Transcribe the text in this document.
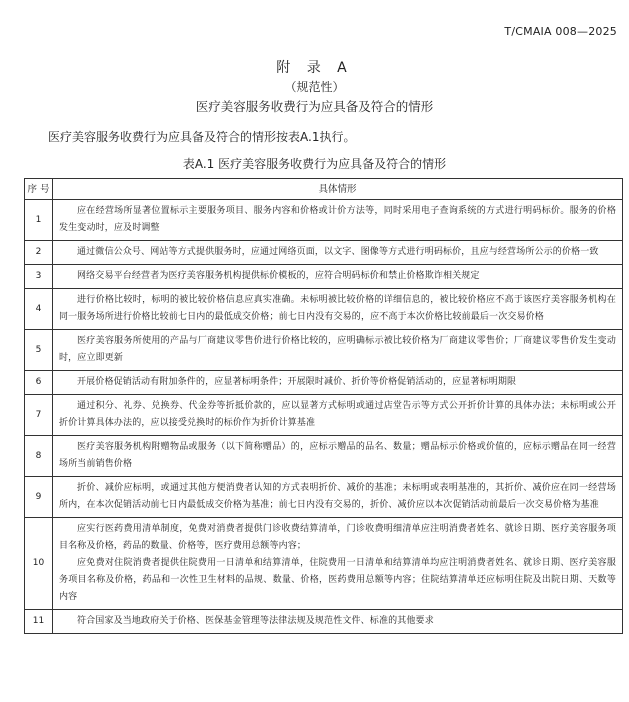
T/CMAIA 008—2025
附 录 A
（规范性）
医疗美容服务收费行为应具备及符合的情形
医疗美容服务收费行为应具备及符合的情形按表A.1执行。
表A.1 医疗美容服务收费行为应具备及符合的情形
序 号	具体情形
1	应在经营场所显著位置标示主要服务项目、服务内容和价格或计价方法等，同时采用电子查询系统的方式进行明码标价。服务的价格发生变动时，应及时调整

2	通过微信公众号、网站等方式提供服务时，应通过网络页面，以文字、图像等方式进行明码标价，且应与经营场所公示的价格一致

3	网络交易平台经营者为医疗美容服务机构提供标价模板的，应符合明码标价和禁止价格欺诈相关规定

4	进行价格比较时，标明的被比较价格信息应真实准确。未标明被比较价格的详细信息的，被比较价格应不高于该医疗美容服务机构在同一服务场所进行价格比较前七日内的最低成交价格；前七日内没有交易的，应不高于本次价格比较前最后一次交易价格

5	医疗美容服务所使用的产品与厂商建议零售价进行价格比较的，应明确标示被比较价格为厂商建议零售价；厂商建议零售价发生变动时，应立即更新

6	开展价格促销活动有附加条件的，应显著标明条件；开展限时减价、折价等价格促销活动的，应显著标明期限

7	通过积分、礼券、兑换券、代金券等折抵价款的，应以显著方式标明或通过店堂告示等方式公开折价计算的具体办法；未标明或公开折价计算具体办法的，应以接受兑换时的标价作为折价计算基准

8	医疗美容服务机构附赠物品或服务（以下简称赠品）的，应标示赠品的品名、数量；赠品标示价格或价值的，应标示赠品在同一经营场所当前销售价格

9	折价、减价应标明，或通过其他方便消费者认知的方式表明折价、减价的基准；未标明或表明基准的，其折价、减价应在同一经营场所内，在本次促销活动前七日内最低成交价格为基准；前七日内没有交易的，折价、减价应以本次促销活动前最后一次交易价格为基准

10	应实行医药费用清单制度，免费对消费者提供门诊收费结算清单，门诊收费明细清单应注明消费者姓名、就诊日期、医疗美容服务项目名称及价格，药品的数量、价格等，医疗费用总额等内容；

应免费对住院消费者提供住院费用一日清单和结算清单，住院费用一日清单和结算清单均应注明消费者姓名、就诊日期、医疗美容服务项目名称及价格，药品和一次性卫生材料的品规、数量、价格，医药费用总额等内容；住院结算清单还应标明住院及出院日期、天数等内容

11	符合国家及当地政府关于价格、医保基金管理等法律法规及规范性文件、标准的其他要求
